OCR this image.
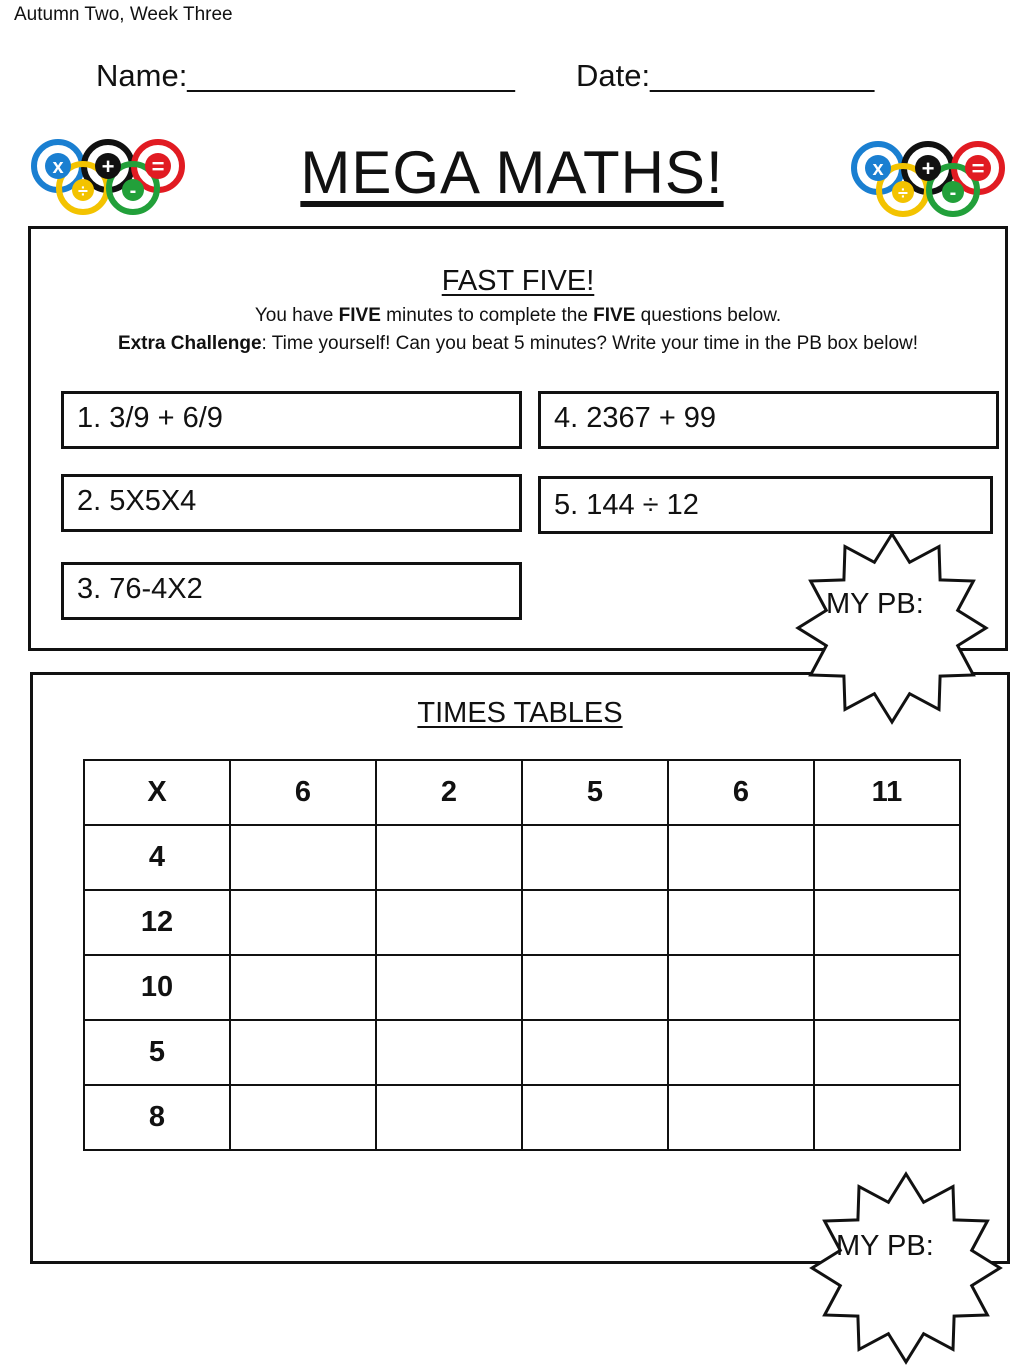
Autumn Two, Week Three
Name:___________________ Date:_____________
x + =
÷ -	MEGA MATHS!	x + =
÷ -
FAST FIVE!
You have FIVE minutes to complete the FIVE questions below.
Extra Challenge: Time yourself! Can you beat 5 minutes? Write your time in the PB box below!
1. 3/9 + 6/9
2. 5X5X4
3. 76-4X2
4. 2367 + 99
5. 144 ÷ 12
TIMES TABLES
X	6	2	5	6	11
4					
12					
10					
5					
8					
MY PB:
MY PB:
